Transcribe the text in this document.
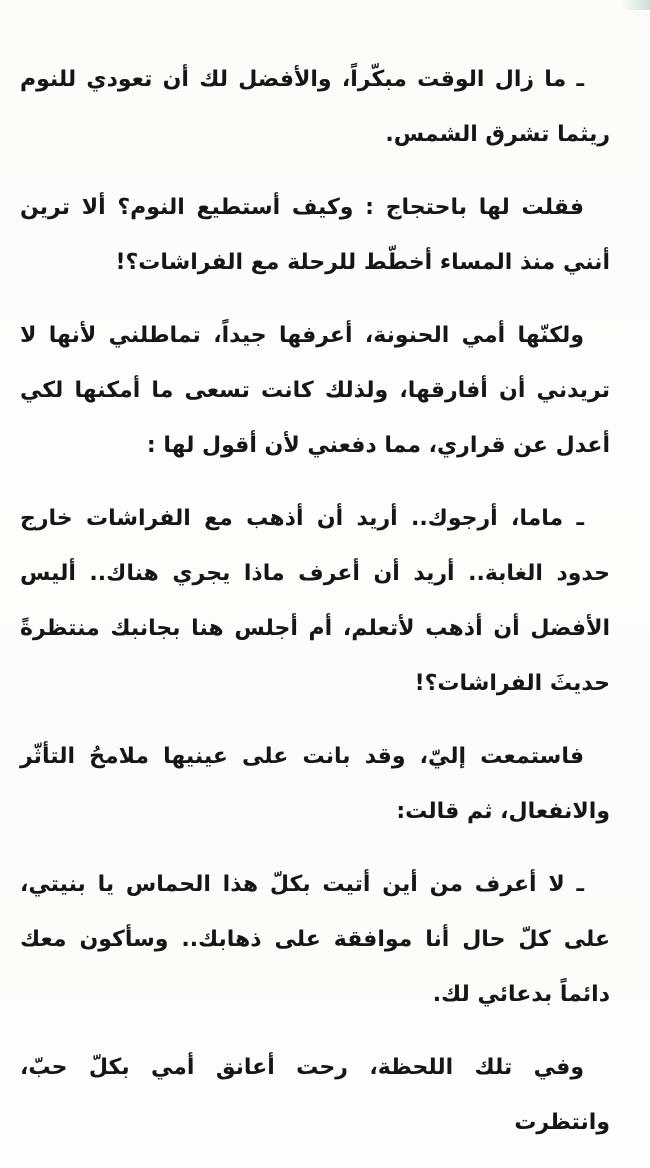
ـ ما زال الوقت مبكّراً، والأفضل لك أن تعودي للنوم ريثما تشرق الشمس.

فقلت لها باحتجاج : وكيف أستطيع النوم؟ ألا ترين أنني منذ المساء أخطّط للرحلة مع الفراشات؟!

ولكنّها أمي الحنونة، أعرفها جيداً، تماطلني لأنها لا تريدني أن أفارقها، ولذلك كانت تسعى ما أمكنها لكي أعدل عن قراري، مما دفعني لأن أقول لها :

ـ ماما، أرجوك.. أريد أن أذهب مع الفراشات خارج حدود الغابة.. أريد أن أعرف ماذا يجري هناك.. أليس الأفضل أن أذهب لأتعلم، أم أجلس هنا بجانبك منتظرةً حديثَ الفراشات؟!

فاستمعت إليّ، وقد بانت على عينيها ملامحُ التأثّر والانفعال، ثم قالت:

ـ لا أعرف من أين أتيت بكلّ هذا الحماس يا بنيتي، على كلّ حال أنا موافقة على ذهابك.. وسأكون معك دائماً بدعائي لك.

وفي تلك اللحظة، رحت أعانق أمي بكلّ حبّ، وانتظرت
